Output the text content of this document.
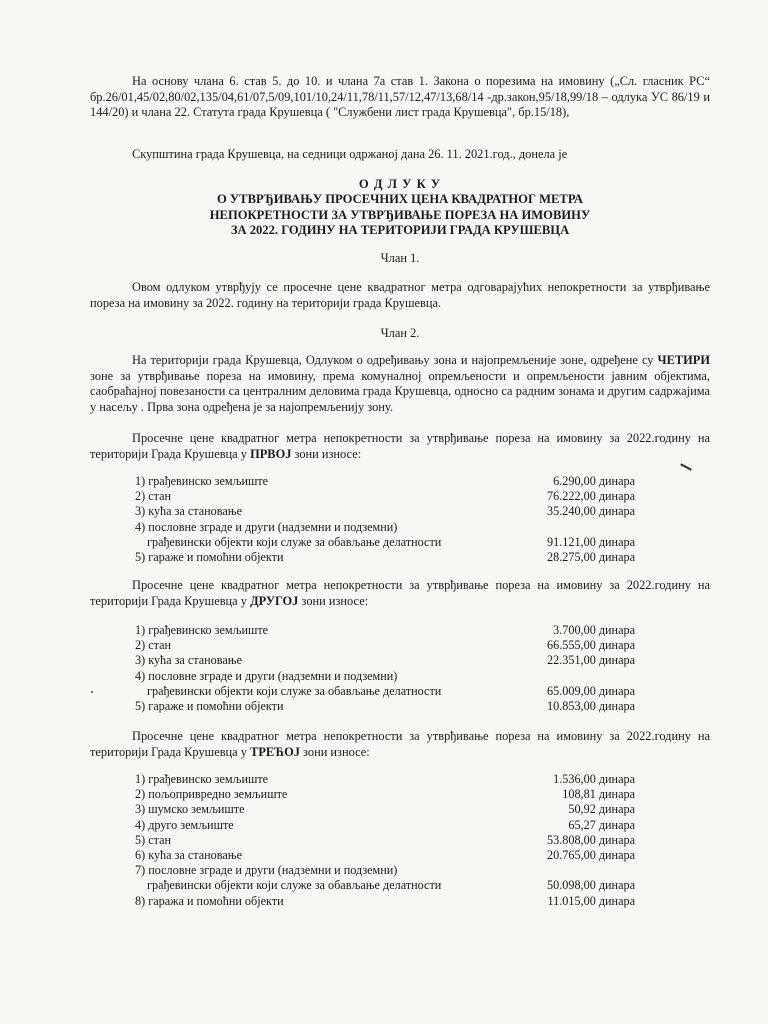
На основу члана 6. став 5. до 10. и члана 7а став 1. Закона о порезима на имовину („Сл. гласник РС“ бр.26/01,45/02,80/02,135/04,61/07,5/09,101/10,24/11,78/11,57/12,47/13,68/14 -др.закон,95/18,99/18 – одлука УС 86/19 и 144/20) и члана 22. Статута града Крушевца ( "Службени лист града Крушевца", бр.15/18),

Скупштина града Крушевца, на седници одржаној дана 26. 11. 2021.год., донела је

О Д Л У К У
О УТВРЂИВАЊУ ПРОСЕЧНИХ ЦЕНА КВАДРАТНОГ МЕТРА
НЕПОКРЕТНОСТИ ЗА УТВРЂИВАЊЕ ПОРЕЗА НА ИМОВИНУ
ЗА 2022. ГОДИНУ НА ТЕРИТОРИЈИ ГРАДА КРУШЕВЦА

Члан 1.

Овом одлуком утврђују се просечне цене квадратног метра одговарајућих непокретности за утврђивање пореза на имовину за 2022. годину на територији града Крушевца.

Члан 2.

На територији града Крушевца, Одлуком о одређивању зона и најопремљеније зоне, одређене су ЧЕТИРИ зоне за утврђивање пореза на имовину, према комуналној опремљености и опремљености јавним објектима, саобраћајној повезаности са централним деловима града Крушевца, односно са радним зонама и другим садржајима у насељу . Прва зона одређена је за најопремљенију зону.

Просечне цене квадратног метра непокретности за утврђивање пореза на имовину за 2022.годину на територији Града Крушевца у ПРВОЈ зони износе:

1) грађевинско земљиште	6.290,00 динара
2) стан	76.222,00 динара
3) кућа за становање	35.240,00 динара
4) пословне зграде и други (надземни и подземни)
грађевински објекти који служе за обављање делатности	91.121,00 динара
5) гараже и помоћни објекти	28.275,00 динара

Просечне цене квадратног метра непокретности за утврђивање пореза на имовину за 2022.годину на територији Града Крушевца у ДРУГОЈ зони износе:

1) грађевинско земљиште	3.700,00 динара
2) стан	66.555,00 динара
3) кућа за становање	22.351,00 динара
4) пословне зграде и други (надземни и подземни)
грађевински објекти који служе за обављање делатности	65.009,00 динара
5) гараже и помоћни објекти	10.853,00 динара

Просечне цене квадратног метра непокретности за утврђивање пореза на имовину за 2022.годину на територији Града Крушевца у ТРЕЋОЈ зони износе:

1) грађевинско земљиште	1.536,00 динара
2) пољопривредно земљиште	108,81 динара
3) шумско земљиште	50,92 динара
4) друго земљиште	65,27 динара
5) стан	53.808,00 динара
6) кућа за становање	20.765,00 динара
7) пословне зграде и други (надземни и подземни)
грађевински објекти који служе за обављање делатности	50.098,00 динара
8) гаража и помоћни објекти	11.015,00 динара
